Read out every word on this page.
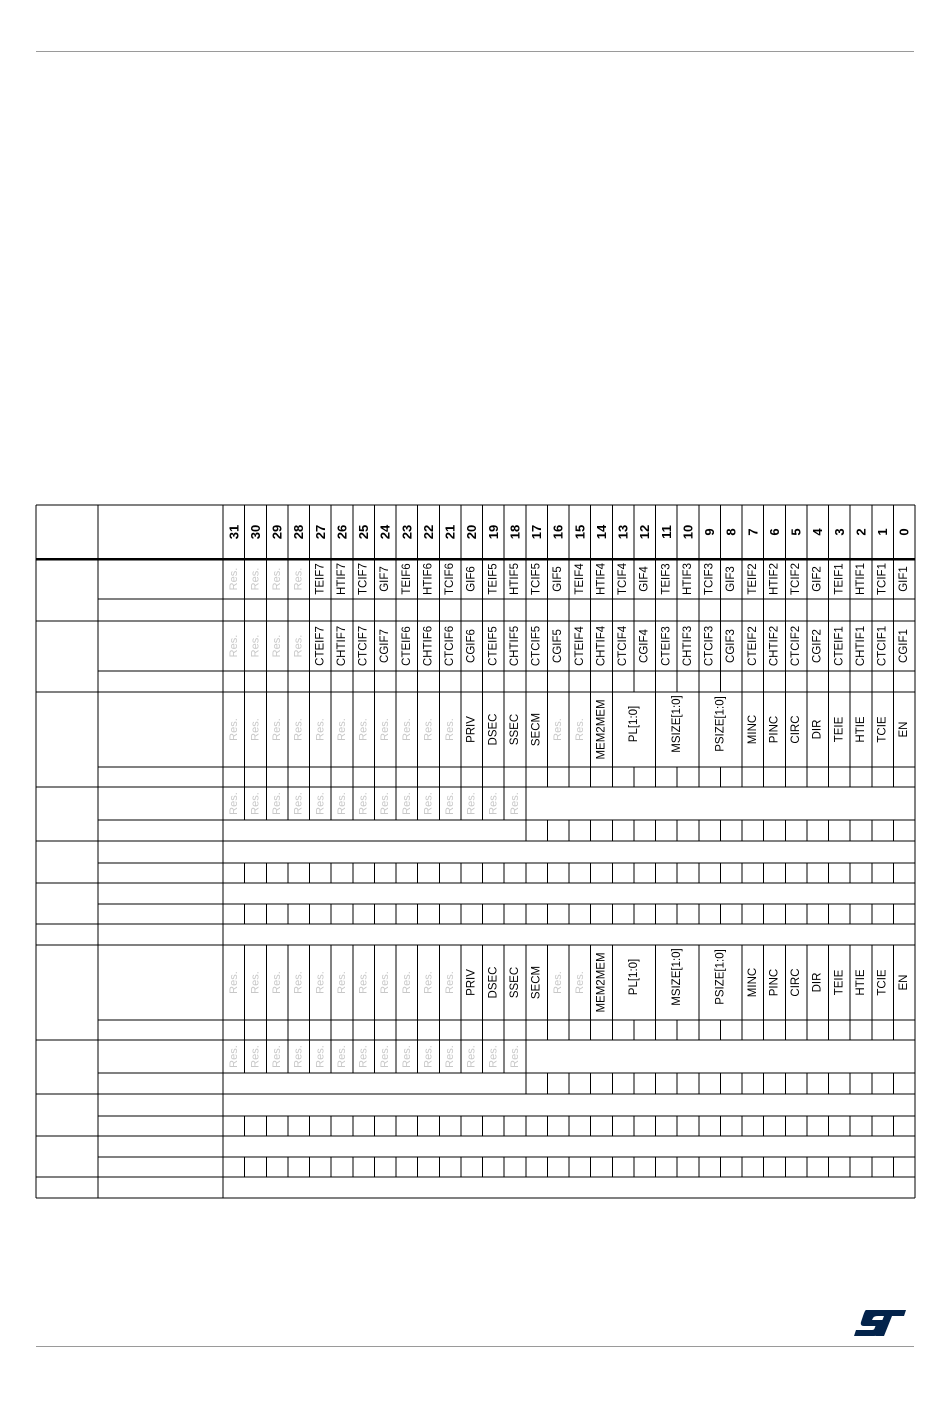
31 30 29 28 27 26 25 24 23 22 21 20 19 18 17 16 15 14 13 12 11 10 9 8 7 6 5 4 3 2 1 0
Res. Res. Res. Res. TEIF7 HTIF7 TCIF7 GIF7 TEIF6 HTIF6 TCIF6 GIF6 TEIF5 HTIF5 TCIF5 GIF5 TEIF4 HTIF4 TCIF4 GIF4 TEIF3 HTIF3 TCIF3 GIF3 TEIF2 HTIF2 TCIF2 GIF2 TEIF1 HTIF1 TCIF1 GIF1
Res. Res. Res. Res. CTEIF7 CHTIF7 CTCIF7 CGIF7 CTEIF6 CHTIF6 CTCIF6 CGIF6 CTEIF5 CHTIF5 CTCIF5 CGIF5 CTEIF4 CHTIF4 CTCIF4 CGIF4 CTEIF3 CHTIF3 CTCIF3 CGIF3 CTEIF2 CHTIF2 CTCIF2 CGIF2 CTEIF1 CHTIF1 CTCIF1 CGIF1
Res. Res. Res. Res. Res. Res. Res. Res. Res. Res. Res. PRIV DSEC SSEC SECM Res. Res. MEM2MEM PL[1:0]	MSIZE[1:0]	PSIZE[1:0] MINC PINC CIRC DIR TEIE HTIE TCIE EN
Res. Res. Res. Res. Res. Res. Res. Res. Res. Res. Res. Res. Res. Res.
Res. Res. Res. Res. Res. Res. Res. Res. Res. Res. Res. PRIV DSEC SSEC SECM Res. Res. MEM2MEM PL[1:0]	MSIZE[1:0]	PSIZE[1:0] MINC PINC CIRC DIR TEIE HTIE TCIE EN
Res. Res. Res. Res. Res. Res. Res. Res. Res. Res. Res. Res. Res. Res.
